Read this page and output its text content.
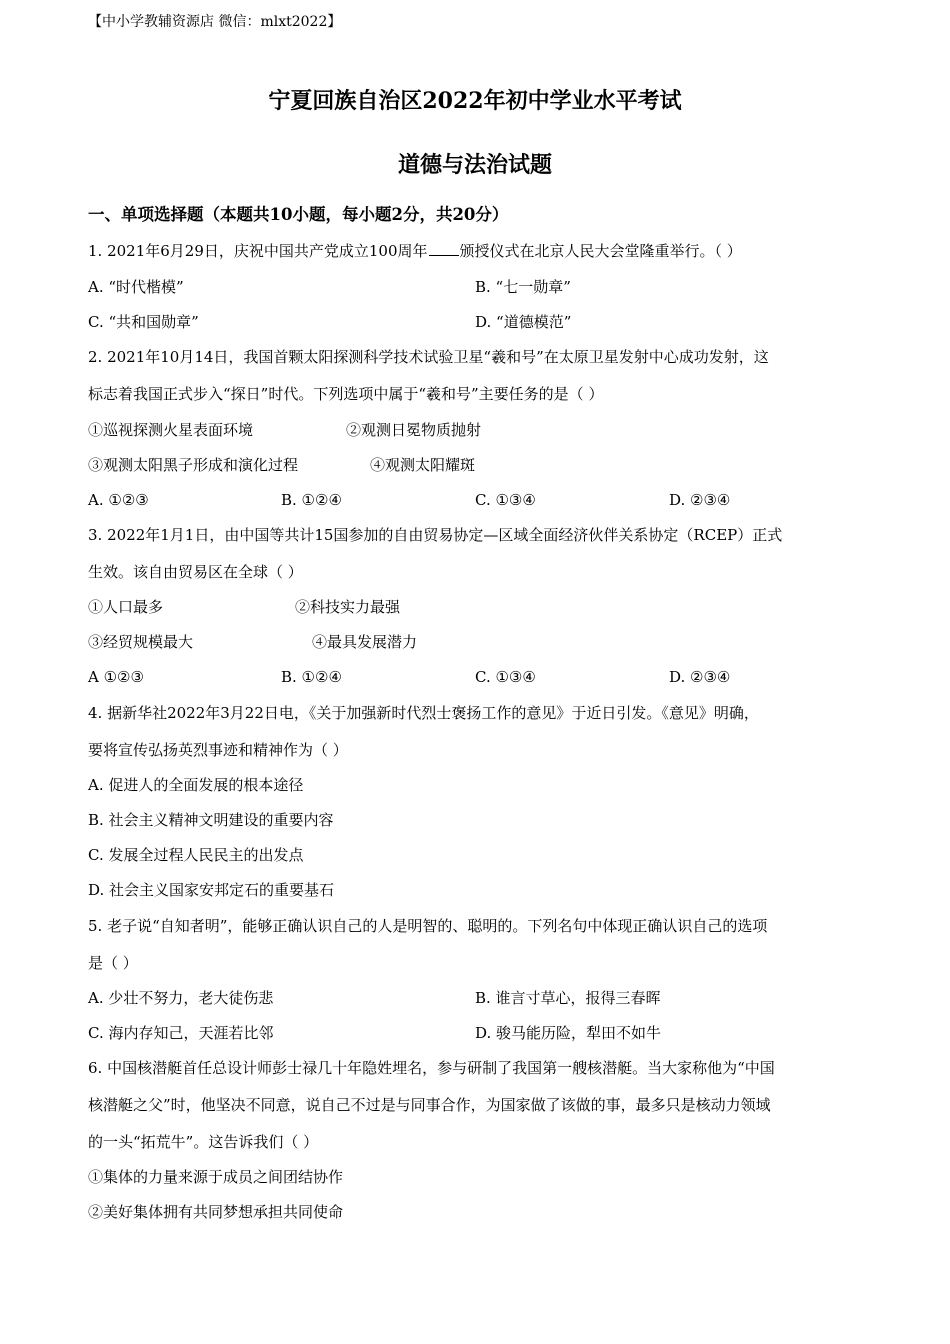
【中小学教辅资源店 微信：mlxt2022】
宁夏回族自治区2022年初中学业水平考试
道德与法治试题
一、单项选择题（本题共10小题，每小题2分，共20分）
1. 2021年6月29日，庆祝中国共产党成立100周年 颁授仪式在北京人民大会堂隆重举行。（ ）
A. “时代楷模”	B. “七一勋章”
C. “共和国勋章”	D. “道德模范”
2. 2021年10月14日，我国首颗太阳探测科学技术试验卫星“羲和号”在太原卫星发射中心成功发射，这
标志着我国正式步入“探日”时代。下列选项中属于“羲和号”主要任务的是（ ）
①巡视探测火星表面环境	②观测日冕物质抛射
③观测太阳黑子形成和演化过程	④观测太阳耀斑
A. ①②③	B. ①②④	C. ①③④	D. ②③④
3. 2022年1月1日，由中国等共计15国参加的自由贸易协定—区域全面经济伙伴关系协定（RCEP）正式
生效。该自由贸易区在全球（ ）
①人口最多	②科技实力最强
③经贸规模最大	④最具发展潜力
A ①②③	B. ①②④	C. ①③④	D. ②③④
4. 据新华社2022年3月22日电，《关于加强新时代烈士褒扬工作的意见》于近日引发。《意见》明确，
要将宣传弘扬英烈事迹和精神作为（ ）
A. 促进人的全面发展的根本途径
B. 社会主义精神文明建设的重要内容
C. 发展全过程人民民主的出发点
D. 社会主义国家安邦定石的重要基石
5. 老子说“自知者明”，能够正确认识自己的人是明智的、聪明的。下列名句中体现正确认识自己的选项
是（ ）
A. 少壮不努力，老大徒伤悲	B. 谁言寸草心，报得三春晖
C. 海内存知己，天涯若比邻	D. 骏马能历险，犁田不如牛
6. 中国核潜艇首任总设计师彭士禄几十年隐姓埋名，参与研制了我国第一艘核潜艇。当大家称他为“中国
核潜艇之父”时，他坚决不同意，说自己不过是与同事合作，为国家做了该做的事，最多只是核动力领域
的一头“拓荒牛”。这告诉我们（ ）
①集体的力量来源于成员之间团结协作
②美好集体拥有共同梦想承担共同使命
